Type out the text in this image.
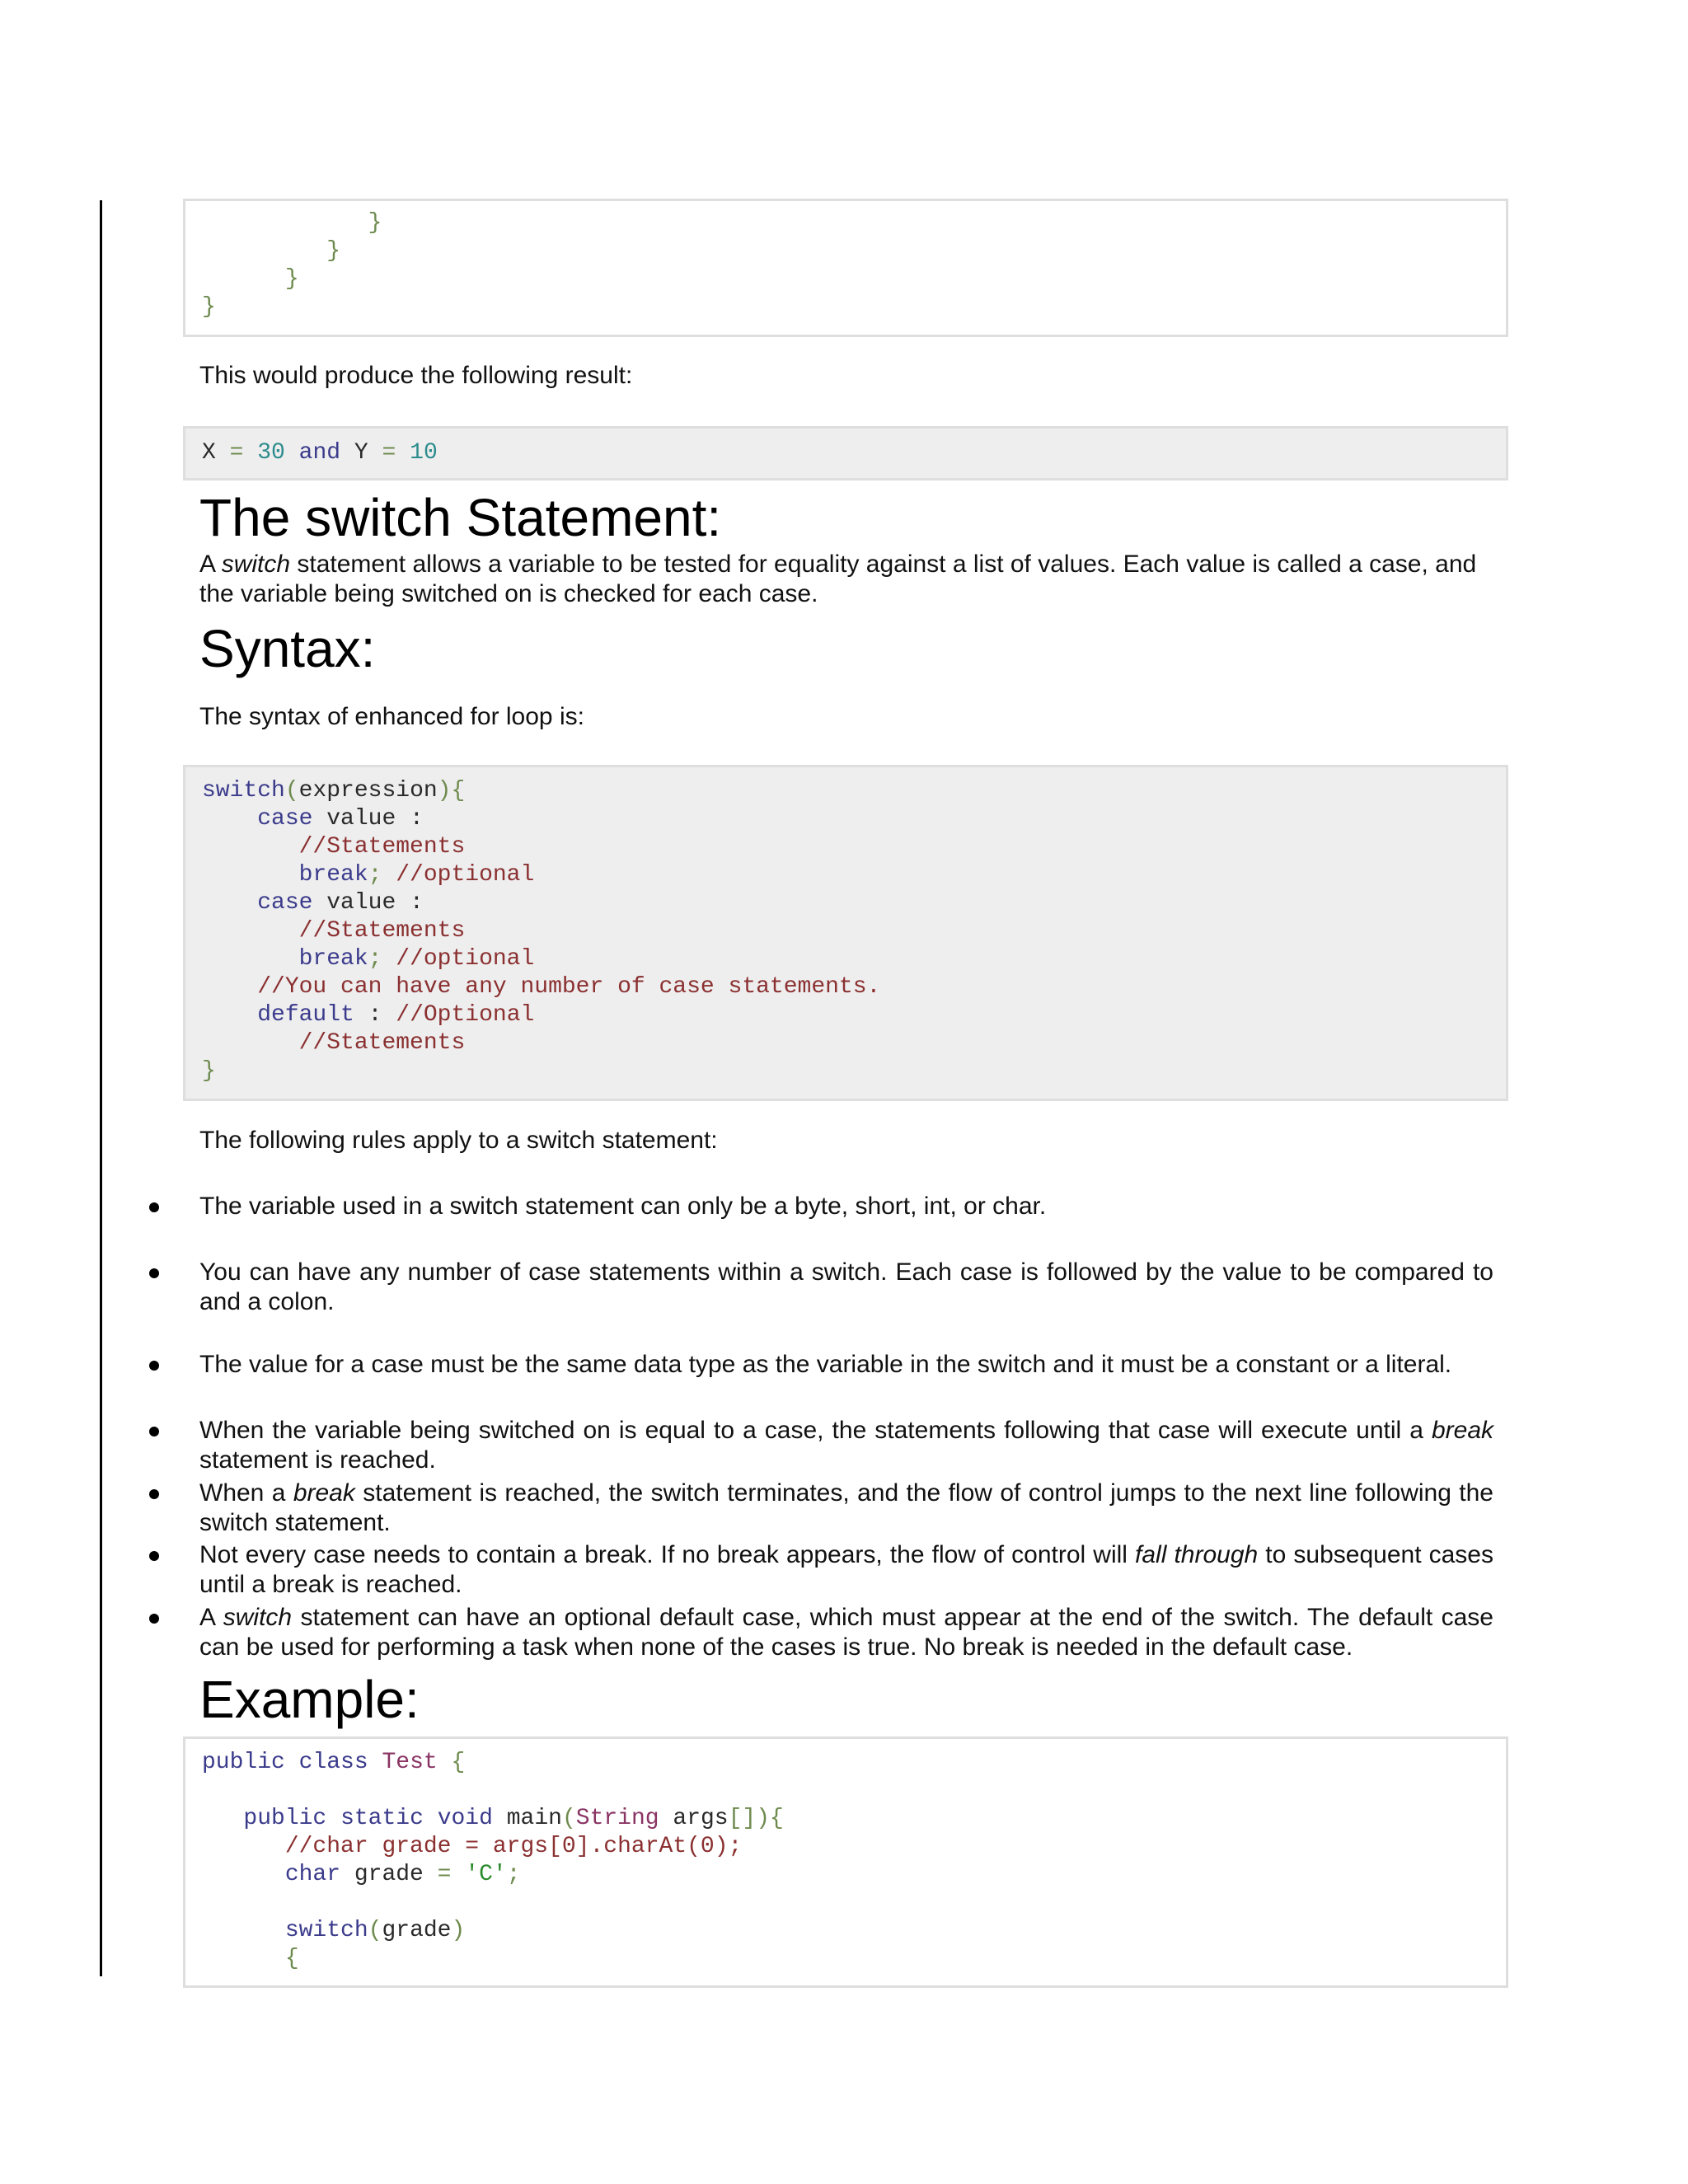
}
}
}
}
This would produce the following result:
X = 30 and Y = 10
The switch Statement:
A switch statement allows a variable to be tested for equality against a list of values. Each value is called a case, and the variable being switched on is checked for each case.
Syntax:
The syntax of enhanced for loop is:
switch(expression){
case value :
//Statements
break; //optional
case value :
//Statements
break; //optional
//You can have any number of case statements.
default : //Optional
//Statements
}
The following rules apply to a switch statement:
The variable used in a switch statement can only be a byte, short, int, or char.
You can have any number of case statements within a switch. Each case is followed by the value to be compared to and a colon.
The value for a case must be the same data type as the variable in the switch and it must be a constant or a literal.
When the variable being switched on is equal to a case, the statements following that case will execute until a break statement is reached.
When a break statement is reached, the switch terminates, and the flow of control jumps to the next line following the switch statement.
Not every case needs to contain a break. If no break appears, the flow of control will fall through to subsequent cases until a break is reached.
A switch statement can have an optional default case, which must appear at the end of the switch. The default case can be used for performing a task when none of the cases is true. No break is needed in the default case.
Example:
public class Test {
public static void main(String args[]){
//char grade = args[0].charAt(0);
char grade = 'C';
switch(grade)
{
